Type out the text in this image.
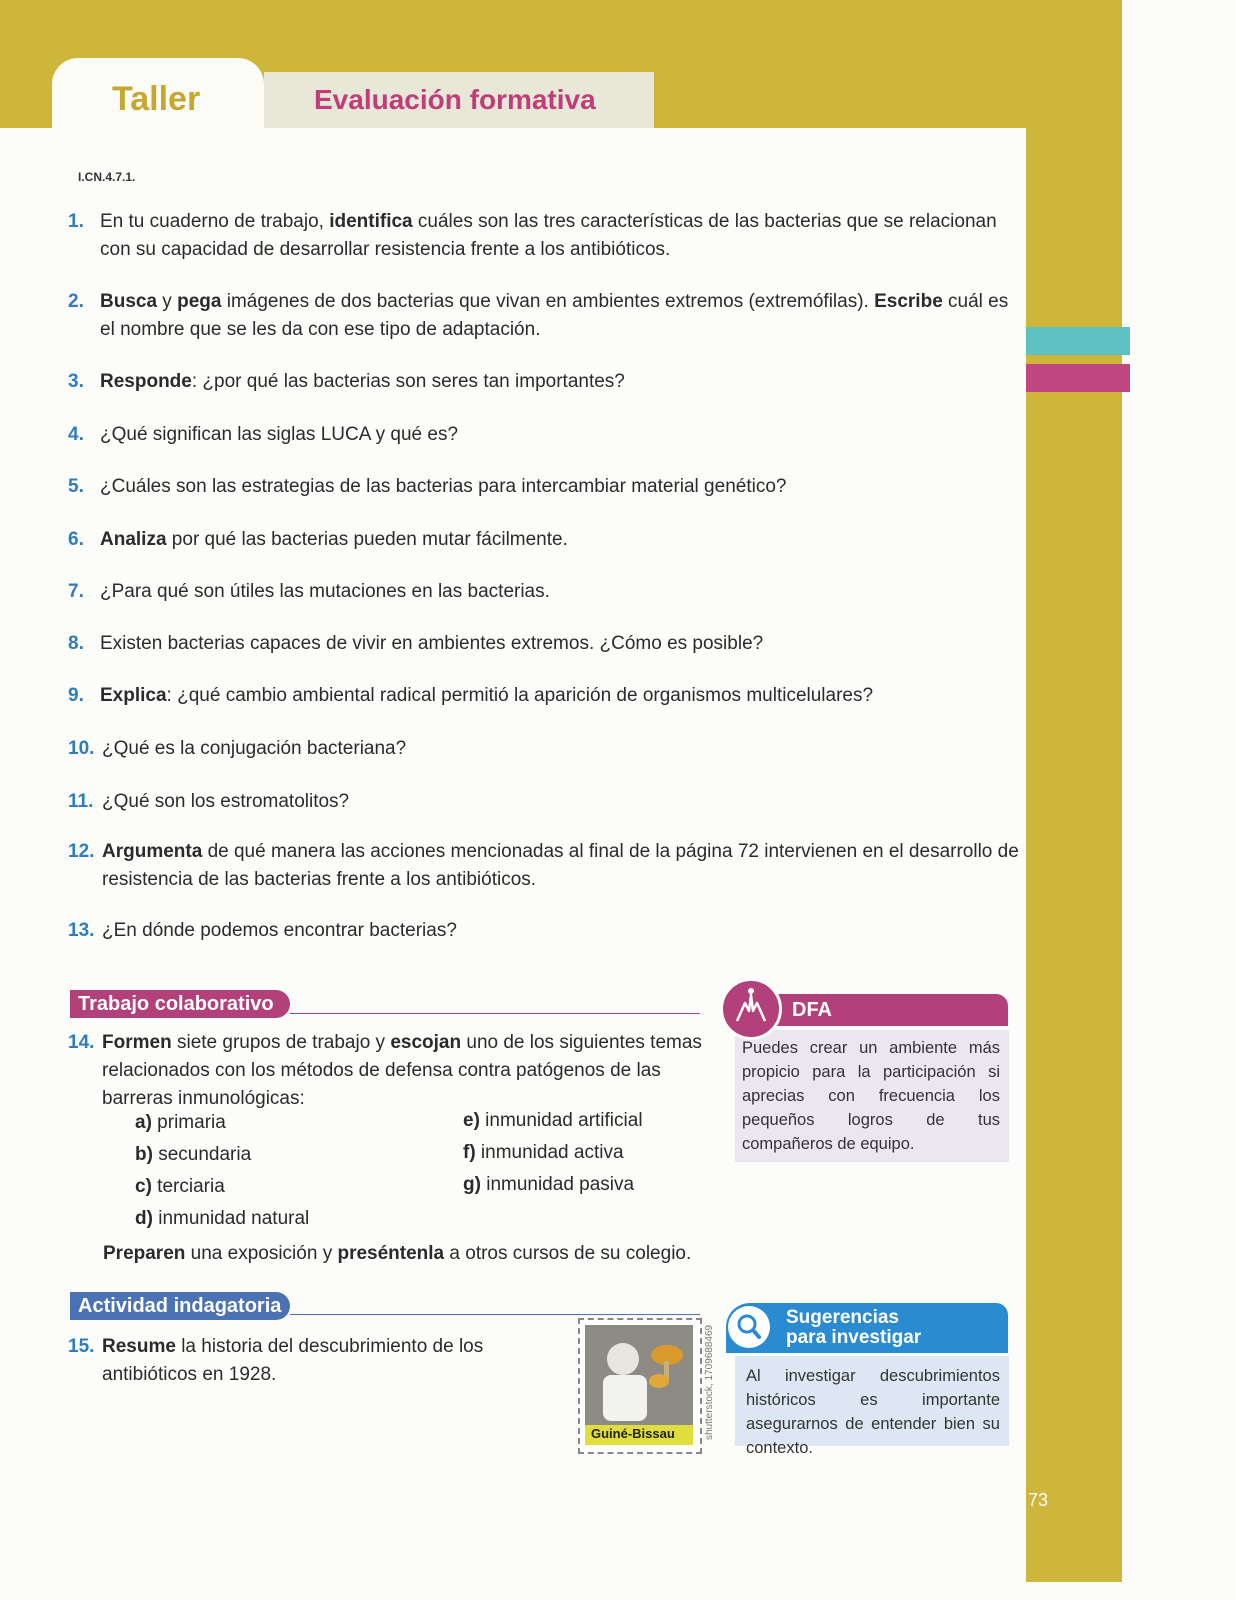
Taller	Evaluación formativa
I.CN.4.7.1.
1. En tu cuaderno de trabajo, identifica cuáles son las tres características de las bacterias que se relacionan con su capacidad de desarrollar resistencia frente a los antibióticos.
2. Busca y pega imágenes de dos bacterias que vivan en ambientes extremos (extremófilas). Escribe cuál es el nombre que se les da con ese tipo de adaptación.
3. Responde: ¿por qué las bacterias son seres tan importantes?
4. ¿Qué significan las siglas LUCA y qué es?
5. ¿Cuáles son las estrategias de las bacterias para intercambiar material genético?
6. Analiza por qué las bacterias pueden mutar fácilmente.
7. ¿Para qué son útiles las mutaciones en las bacterias.
8. Existen bacterias capaces de vivir en ambientes extremos. ¿Cómo es posible?
9. Explica: ¿qué cambio ambiental radical permitió la aparición de organismos multicelulares?
10. ¿Qué es la conjugación bacteriana?
11. ¿Qué son los estromatolitos?
12. Argumenta de qué manera las acciones mencionadas al final de la página 72 intervienen en el desarrollo de resistencia de las bacterias frente a los antibióticos.
13. ¿En dónde podemos encontrar bacterias?
Trabajo colaborativo
14. Formen siete grupos de trabajo y escojan uno de los siguientes temas relacionados con los métodos de defensa contra patógenos de las barreras inmunológicas:
a) primaria
b) secundaria
c) terciaria
d) inmunidad natural
e) inmunidad artificial
f) inmunidad activa
g) inmunidad pasiva
Preparen una exposición y preséntenla a otros cursos de su colegio.
Actividad indagatoria
15. Resume la historia del descubrimiento de los antibióticos en 1928.
Guiné-Bissau	shutterstock, 1709688469
DFA
Puedes crear un ambiente más propicio para la participación si aprecias con frecuencia los pequeños logros de tus compañeros de equipo.
Sugerencias
para investigar
Al investigar descubrimientos históricos es importante asegurarnos de entender bien su contexto.
73
